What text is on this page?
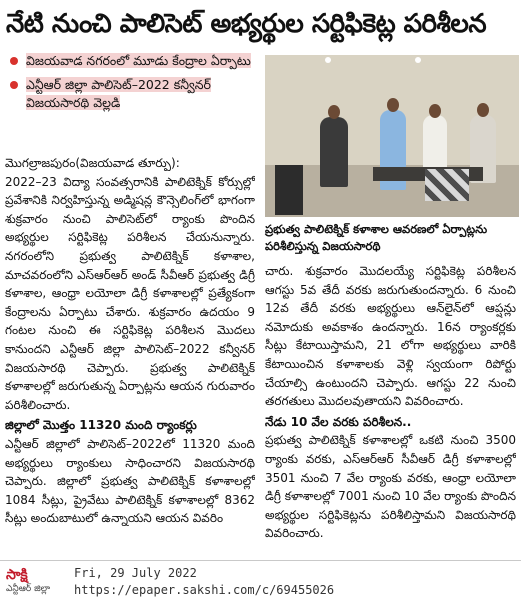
నేటి నుంచి పాలిసెట్ అభ్యర్థుల సర్టిఫికెట్ల పరిశీలన
విజయవాడ నగరంలో మూడు కేంద్రాల ఏర్పాటు
ఎన్టీఆర్ జిల్లా పాలిసెట్–2022 కన్వీనర్ విజయసారథి వెల్లడి

మొగల్రాజపురం(విజయవాడ తూర్పు):

2022–23 విద్యా సంవత్సరానికి పాలిటెక్నిక్ కోర్సుల్లో ప్రవేశానికి నిర్వహిస్తున్న అడ్మిషన్ల కౌన్సెలింగ్‌లో భాగంగా శుక్రవారం నుంచి పాలిసెట్‌లో ర్యాంకు పొందిన అభ్యర్థుల సర్టిఫికెట్ల పరిశీలన చేయనున్నారు. నగరంలోని ప్రభుత్వ పాలిటెక్నిక్ కళాశాల, మాచవరంలోని ఎస్ఆర్ఆర్ అండ్ సీవీఆర్ ప్రభుత్వ డిగ్రీ కళాశాల, ఆంధ్రా లయోలా డిగ్రీ కళాశాలల్లో ప్రత్యేకంగా కేంద్రాలను ఏర్పాటు చేశారు. శుక్రవారం ఉదయం 9 గంటల నుంచి ఈ సర్టిఫికెట్ల పరిశీలన మొదలు కానుందని ఎన్టీఆర్ జిల్లా పాలిసెట్–2022 కన్వీనర్ విజయసారథి చెప్పారు. ప్రభుత్వ పాలిటెక్నిక్ కళాశాలల్లో జరుగుతున్న ఏర్పాట్లను ఆయన గురువారం పరిశీలించారు.

జిల్లాలో మొత్తం 11320 మంది ర్యాంకర్లు

ఎన్టీఆర్ జిల్లాలో పాలిసెట్–2022లో 11320 మంది అభ్యర్థులు ర్యాంకులు సాధించారని విజయసారథి చెప్పారు. జిల్లాలో ప్రభుత్వ పాలిటెక్నిక్ కళాశాలల్లో 1084 సీట్లు, ప్రైవేటు పాలిటెక్నిక్ కళాశాలల్లో 8362 సీట్లు అందుబాటులో ఉన్నాయని ఆయన వివరిం

ప్రభుత్వ పాలిటెక్నిక్ కళాశాల ఆవరణలో ఏర్పాట్లను పరిశీలిస్తున్న విజయసారథి

చారు. శుక్రవారం మొదలయ్యే సర్టిఫికెట్ల పరిశీలన ఆగస్టు 5వ తేదీ వరకు జరుగుతుందన్నారు. 6 నుంచి 12వ తేదీ వరకు అభ్యర్థులు ఆన్‌లైన్‌లో ఆప్షన్లు నమోదుకు అవకాశం ఉందన్నారు. 16న ర్యాంకర్లకు సీట్లు కేటాయిస్తామని, 21 లోగా అభ్యర్థులు వారికి కేటాయించిన కళాశాలకు వెళ్లి స్వయంగా రిపోర్టు చేయాల్సి ఉంటుందని చెప్పారు. ఆగస్టు 22 నుంచి తరగతులు మొదలవుతాయని వివరించారు.

నేడు 10 వేల వరకు పరిశీలన..

ప్రభుత్వ పాలిటెక్నిక్ కళాశాలల్లో ఒకటి నుంచి 3500 ర్యాంకు వరకు, ఎస్ఆర్ఆర్ సీవీఆర్ డిగ్రీ కళాశాలల్లో 3501 నుంచి 7 వేల ర్యాంకు వరకు, ఆంధ్రా లయోలా డిగ్రీ కళాశాలల్లో 7001 నుంచి 10 వేల ర్యాంకు పొందిన అభ్యర్థుల సర్టిఫికెట్లను పరిశీలిస్తామని విజయసారథి వివరించారు.

సాక్షి
ఎన్టీఆర్ జిల్లా
Fri, 29 July 2022
https://epaper.sakshi.com/c/69455026
